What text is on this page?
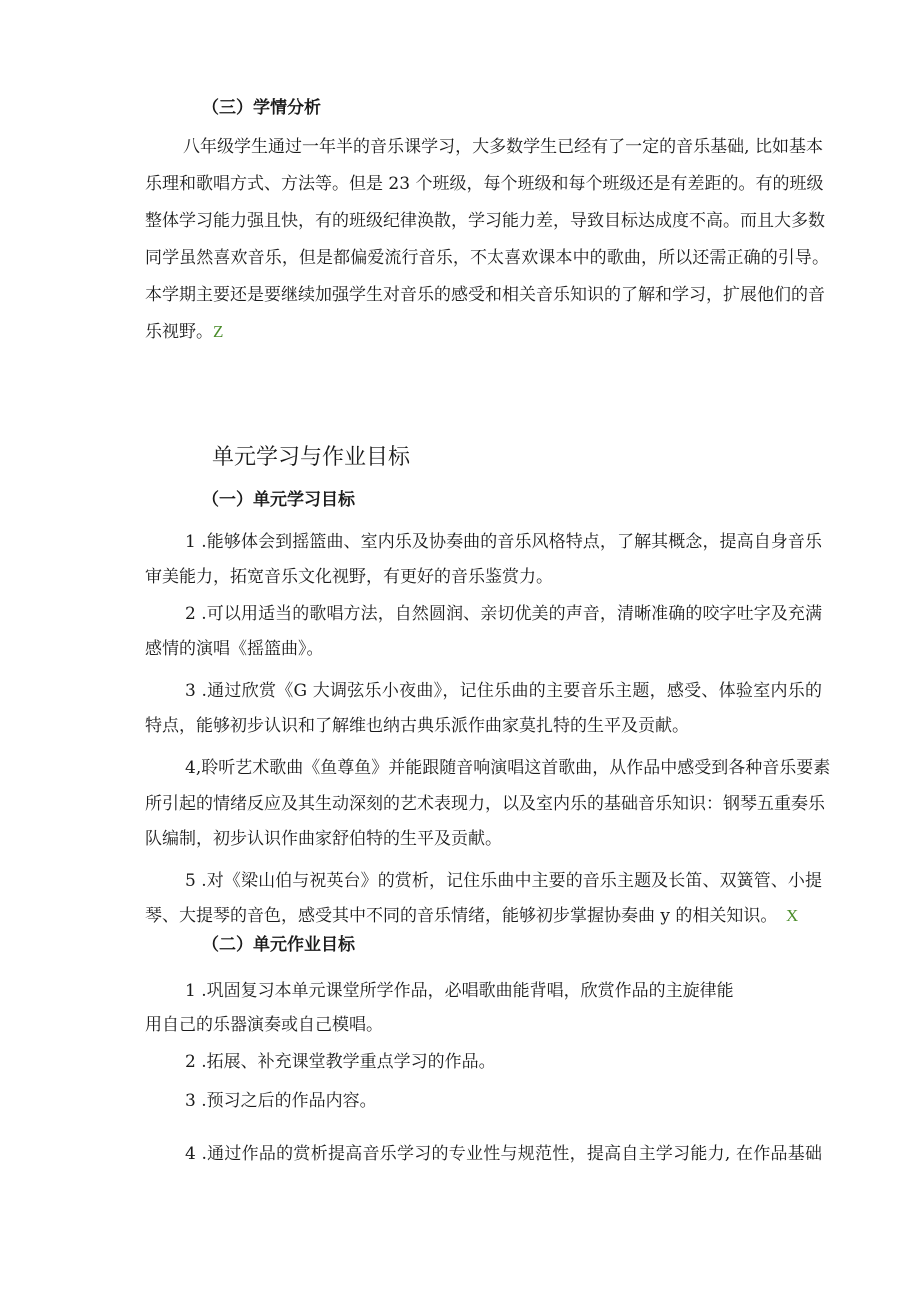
（三）学情分析
八年级学生通过一年半的音乐课学习，大多数学生已经有了一定的音乐基础, 比如基本
乐理和歌唱方式、方法等。但是 23 个班级，每个班级和每个班级还是有差距的。有的班级
整体学习能力强且快，有的班级纪律涣散，学习能力差，导致目标达成度不高。而且大多数
同学虽然喜欢音乐，但是都偏爱流行音乐，不太喜欢课本中的歌曲，所以还需正确的引导。
本学期主要还是要继续加强学生对音乐的感受和相关音乐知识的了解和学习，扩展他们的音
乐视野。Z
单元学习与作业目标
（一）单元学习目标
1 .能够体会到摇篮曲、室内乐及协奏曲的音乐风格特点，了解其概念，提高自身音乐
审美能力，拓宽音乐文化视野，有更好的音乐鉴赏力。
2 .可以用适当的歌唱方法，自然圆润、亲切优美的声音，清晰准确的咬字吐字及充满
感情的演唱《摇篮曲》。
3 .通过欣赏《G 大调弦乐小夜曲》，记住乐曲的主要音乐主题，感受、体验室内乐的
特点，能够初步认识和了解维也纳古典乐派作曲家莫扎特的生平及贡献。
4,聆听艺术歌曲《鱼尊鱼》并能跟随音响演唱这首歌曲，从作品中感受到各种音乐要素
所引起的情绪反应及其生动深刻的艺术表现力，以及室内乐的基础音乐知识：钢琴五重奏乐
队编制，初步认识作曲家舒伯特的生平及贡献。
5 .对《梁山伯与祝英台》的赏析，记住乐曲中主要的音乐主题及长笛、双簧管、小提
琴、大提琴的音色，感受其中不同的音乐情绪，能够初步掌握协奏曲 y 的相关知识。 X
（二）单元作业目标
1 .巩固复习本单元课堂所学作品，必唱歌曲能背唱，欣赏作品的主旋律能
用自己的乐器演奏或自己模唱。
2 .拓展、补充课堂教学重点学习的作品。
3 .预习之后的作品内容。
4 .通过作品的赏析提高音乐学习的专业性与规范性，提高自主学习能力, 在作品基础
